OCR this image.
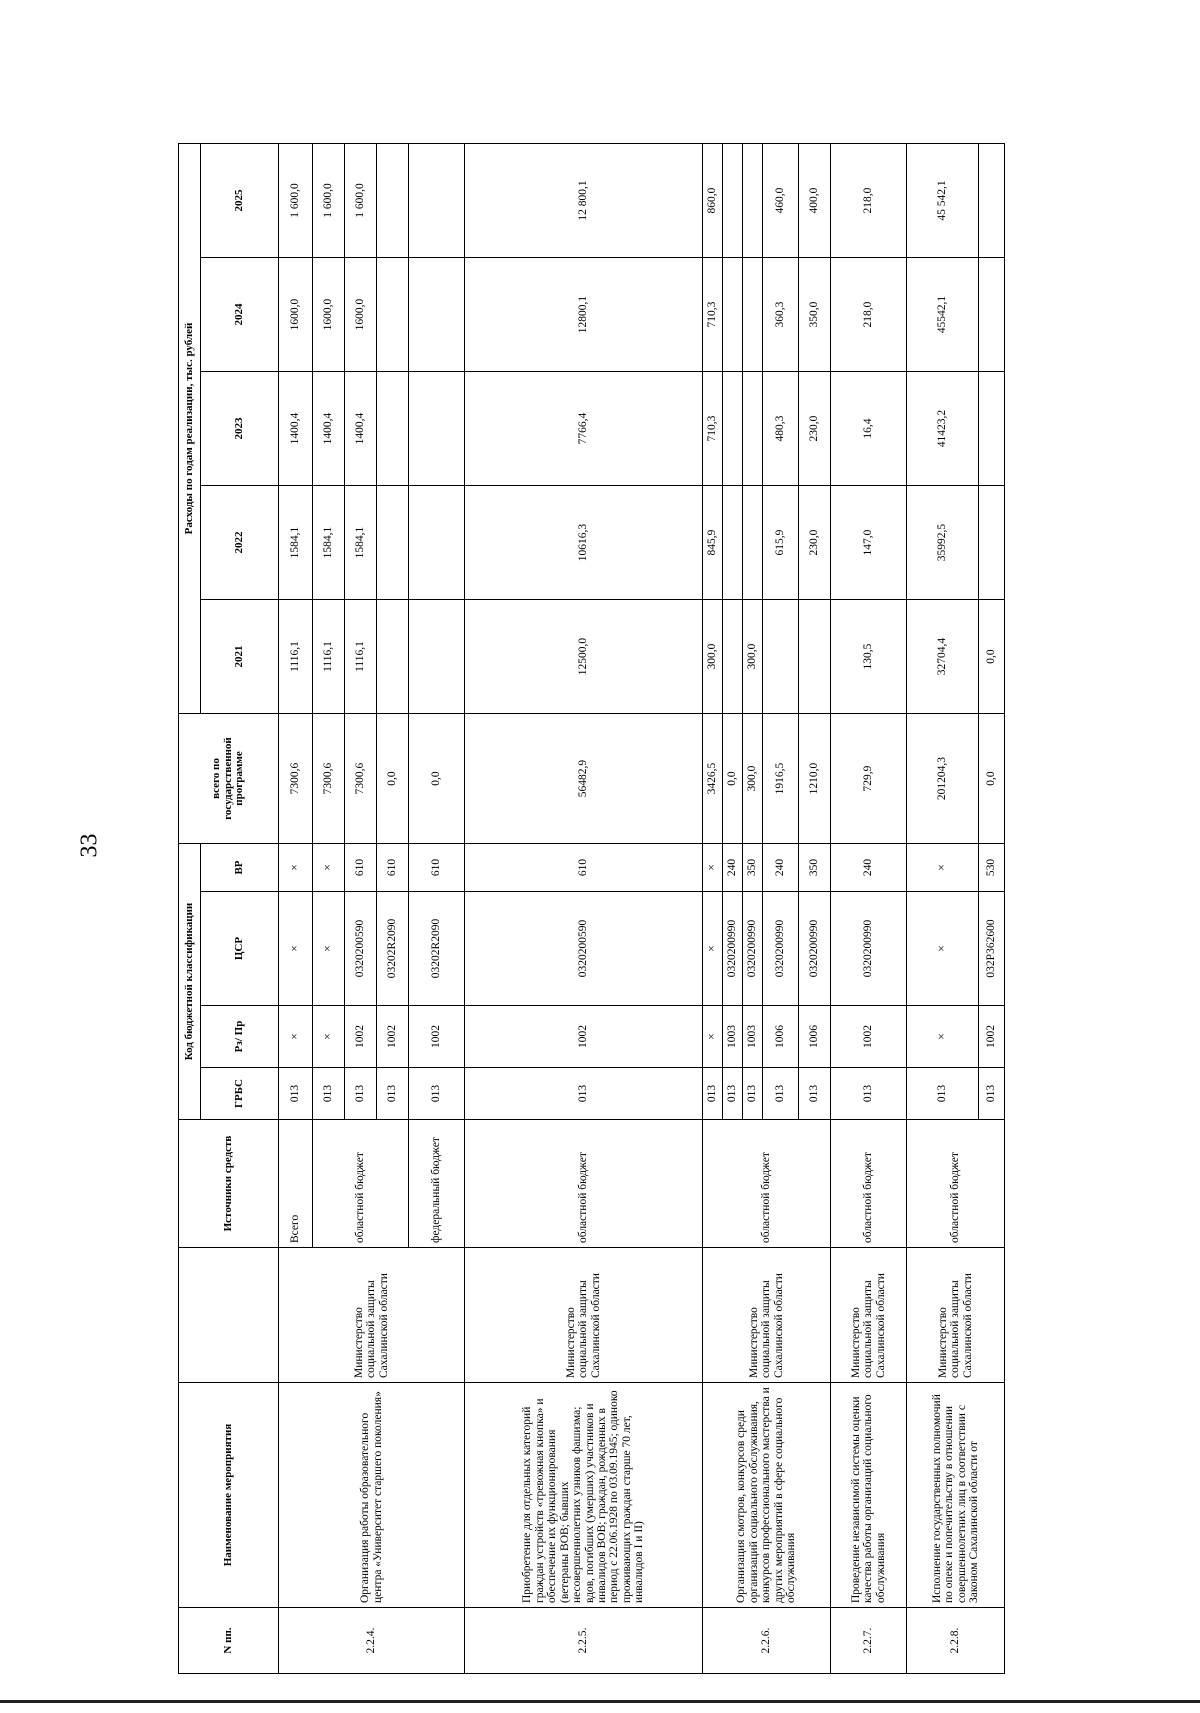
33
N пп.	Наименование мероприятия		Источники средств	Код бюджетной классификации				всего по государственной программе	Расходы по годам реализации, тыс. рублей				
				ГРБС	Рз/ Пр	ЦСР	ВР		2021	2022	2023	2024	2025
2.2.4.	Организация работы образовательного центра «Университет старшего поколения»	Министерство социальной защиты Сахалинской области	Всего	013	×	×	×	7300,6	1116,1	1584,1	1400,4	1600,0	1 600,0
			областной бюджет	013	×	×	×	7300,6	1116,1	1584,1	1400,4	1600,0	1 600,0
				013	1002	0320200590	610	7300,6	1116,1	1584,1	1400,4	1600,0	1 600,0
				013	1002	03202R2090	610	0,0					
			федеральный бюджет	013	1002	03202R2090	610	0,0					
2.2.5.	Приобретение для отдельных категорий граждан устройств «тревожная кнопка» и обеспечение их функционирования (ветераны ВОВ; бывших несовершеннолетних узников фашизма; вдов, погибших (умерших) участников и инвалидов ВОВ; граждан, рожденных в период с 22.06.1928 по 03.09.1945; одиноко проживающих граждан старше 70 лет, инвалидов I и II)	Министерство социальной защиты Сахалинской области	областной бюджет	013	1002	0320200590	610	56482,9	12500,0	10616,3	7766,4	12800,1	12 800,1
2.2.6.	Организация смотров, конкурсов среди организаций социального обслуживания, конкурсов профессионального мастерства и других мероприятий в сфере социального обслуживания	Министерство социальной защиты Сахалинской области	областной бюджет	013	×	×	×	3426,5	300,0	845,9	710,3	710,3	860,0
				013	1003	0320200990	240	0,0					
				013	1003	0320200990	350	300,0	300,0				
				013	1006	0320200990	240	1916,5		615,9	480,3	360,3	460,0
				013	1006	0320200990	350	1210,0		230,0	230,0	350,0	400,0
2.2.7.	Проведение независимой системы оценки качества работы организаций социального обслуживания	Министерство социальной защиты Сахалинской области	областной бюджет	013	1002	0320200990	240	729,9	130,5	147,0	16,4	218,0	218,0
2.2.8.	Исполнение государственных полномочий по опеке и попечительству в отношении совершеннолетних лиц в соответствии с Законом Сахалинской области от	Министерство социальной защиты Сахалинской области	областной бюджет	013	×	×	×	201204,3	32704,4	35992,5	41423,2	45542,1	45 542,1
				013	1002	032P362600	530	0,0	0,0				
